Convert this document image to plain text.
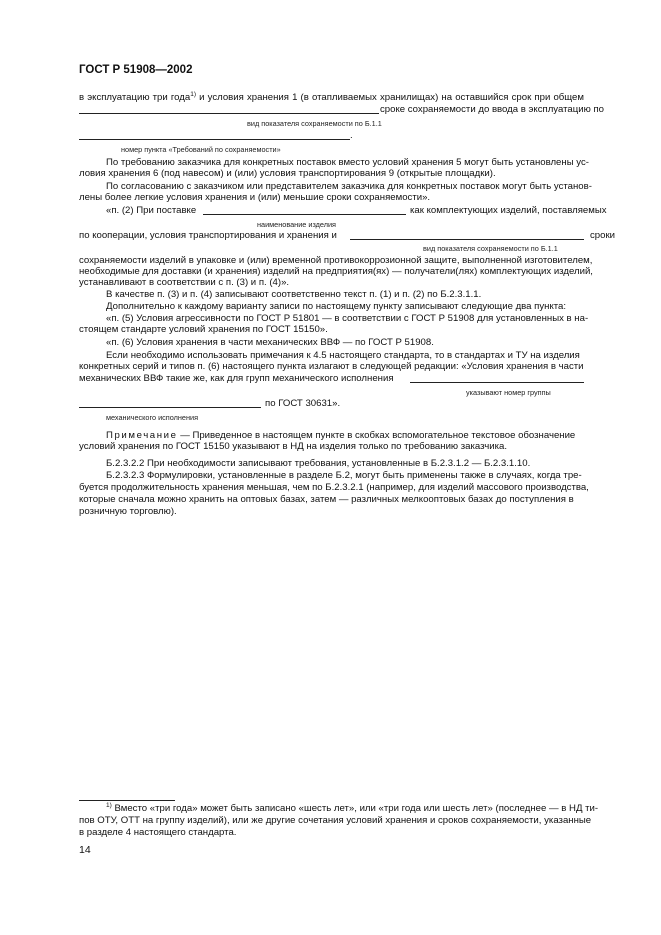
ГОСТ Р 51908—2002
в эксплуатацию три года$^{1)}$ и условия хранения 1 (в отапливаемых хранилищах) на оставшийся срок при общем
сроке сохраняемости до ввода в эксплуатацию по
вид показателя сохраняемости по Б.1.1
.
номер пункта «Требований по сохраняемости»
По требованию заказчика для конкретных поставок вместо условий хранения 5 могут быть установлены ус-
ловия хранения 6 (под навесом) и (или) условия транспортирования 9 (открытые площадки).
По согласованию с заказчиком или представителем заказчика для конкретных поставок могут быть установ-
лены более легкие условия хранения и (или) меньшие сроки сохраняемости».
«п. (2) При поставке	как комплектующих изделий, поставляемых
наименование изделия
по кооперации, условия транспортирования и хранения и	сроки
вид показателя сохраняемости по Б.1.1
сохраняемости изделий в упаковке и (или) временной противокоррозионной защите, выполненной изготовителем,
необходимые для доставки (и хранения) изделий на предприятия(ях) — получатели(лях) комплектующих изделий,
устанавливают в соответствии с п. (3) и п. (4)».
В качестве п. (3) и п. (4) записывают соответственно текст п. (1) и п. (2) по Б.2.3.1.1.
Дополнительно к каждому варианту записи по настоящему пункту записывают следующие два пункта:
«п. (5) Условия агрессивности по ГОСТ Р 51801 — в соответствии с ГОСТ Р 51908 для установленных в на-
стоящем стандарте условий хранения по ГОСТ 15150».
«п. (6) Условия хранения в части механических ВВФ — по ГОСТ Р 51908.
Если необходимо использовать примечания к 4.5 настоящего стандарта, то в стандартах и ТУ на изделия
конкретных серий и типов п. (6) настоящего пункта излагают в следующей редакции: «Условия хранения в части
механических ВВФ такие же, как для групп механического исполнения
указывают номер группы
по ГОСТ 30631».
механического исполнения
Примечание — Приведенное в настоящем пункте в скобках вспомогательное текстовое обозначение
условий хранения по ГОСТ 15150 указывают в НД на изделия только по требованию заказчика.
Б.2.3.2.2 При необходимости записывают требования, установленные в Б.2.3.1.2 — Б.2.3.1.10.
Б.2.3.2.3 Формулировки, установленные в разделе Б.2, могут быть применены также в случаях, когда тре-
буется продолжительность хранения меньшая, чем по Б.2.3.2.1 (например, для изделий массового производства,
которые сначала можно хранить на оптовых базах, затем — различных мелкооптовых базах до поступления в
розничную торговлю).
$^{1)}$ Вместо «три года» может быть записано «шесть лет», или «три года или шесть лет» (последнее — в НД ти-
пов ОТУ, ОТТ на группу изделий), или же другие сочетания условий хранения и сроков сохраняемости, указанные
в разделе 4 настоящего стандарта.
14
